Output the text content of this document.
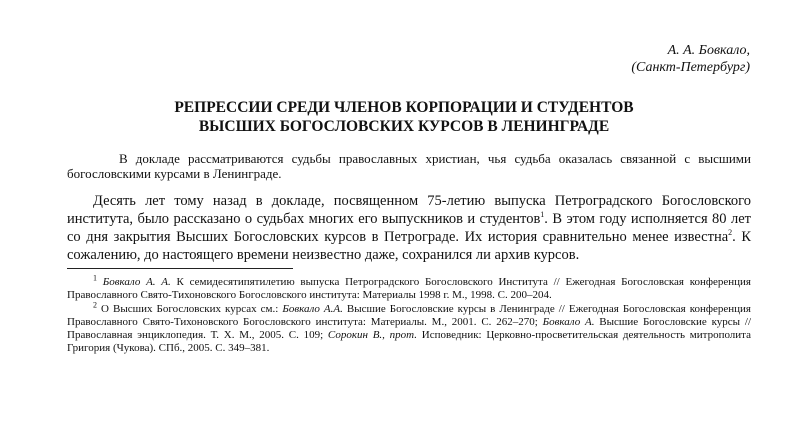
А. А. Бовкало,
(Санкт-Петербург)
РЕПРЕССИИ СРЕДИ ЧЛЕНОВ КОРПОРАЦИИ И СТУДЕНТОВ
ВЫСШИХ БОГОСЛОВСКИХ КУРСОВ В ЛЕНИНГРАДЕ
В докладе рассматриваются судьбы православных христиан, чья судьба оказалась связанной с высшими богословскими курсами в Ленинграде.
Десять лет тому назад в докладе, посвященном 75-летию выпуска Петроградского Богословского института, было рассказано о судьбах многих его выпускников и студентов$^1$. В этом году исполняется 80 лет со дня закрытия Высших Богословских курсов в Петрограде. Их история сравнительно менее известна$^2$. К сожалению, до настоящего времени неизвестно даже, сохранился ли архив курсов.
$^1$ Бовкало А. А. К семидесятипятилетию выпуска Петроградского Богословского Института // Ежегодная Богословская конференция Православного Свято-Тихоновского Богословского института: Материалы 1998 г. М., 1998. С. 200–204.
$^2$ О Высших Богословских курсах см.: Бовкало А.А. Высшие Богословские курсы в Ленинграде // Ежегодная Богословская конференция Православного Свято-Тихоновского Богословского института: Материалы. М., 2001. С. 262–270; Бовкало А. Высшие Богословские курсы // Православная энциклопедия. Т. Х. М., 2005. С. 109; Сорокин В., прот. Исповедник: Церковно-просветительская деятельность митрополита Григория (Чукова). СПб., 2005. С. 349–381.
